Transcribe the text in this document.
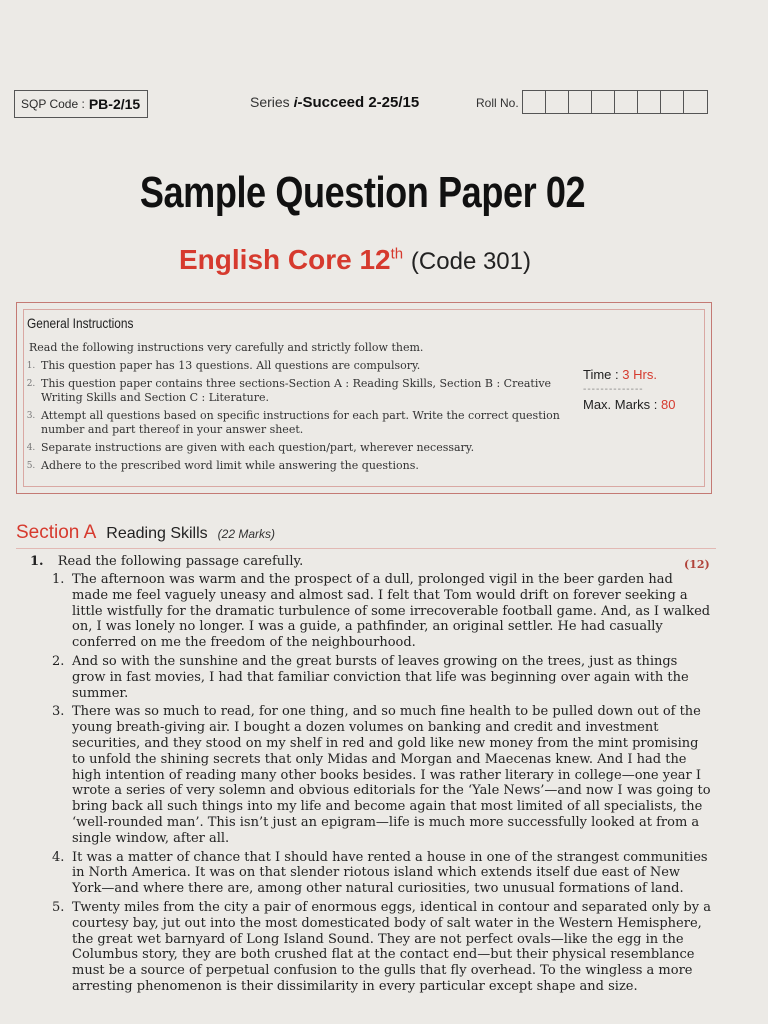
SQP Code : PB-2/15	Series i-Succeed 2-25/15	Roll No.
Sample Question Paper 02
English Core 12th (Code 301)
General Instructions
Read the following instructions very carefully and strictly follow them.
1. This question paper has 13 questions. All questions are compulsory.
2. This question paper contains three sections-Section A : Reading Skills, Section B : Creative Writing Skills and Section C : Literature.
3. Attempt all questions based on specific instructions for each part. Write the correct question number and part thereof in your answer sheet.
4. Separate instructions are given with each question/part, wherever necessary.
5. Adhere to the prescribed word limit while answering the questions.
Time : 3 Hrs.
--------------
Max. Marks : 80
Section A Reading Skills (22 Marks)
1. Read the following passage carefully.	(12)
1. The afternoon was warm and the prospect of a dull, prolonged vigil in the beer garden had made me feel vaguely uneasy and almost sad. I felt that Tom would drift on forever seeking a little wistfully for the dramatic turbulence of some irrecoverable football game. And, as I walked on, I was lonely no longer. I was a guide, a pathfinder, an original settler. He had casually conferred on me the freedom of the neighbourhood.
2. And so with the sunshine and the great bursts of leaves growing on the trees, just as things grow in fast movies, I had that familiar conviction that life was beginning over again with the summer.
3. There was so much to read, for one thing, and so much fine health to be pulled down out of the young breath-giving air. I bought a dozen volumes on banking and credit and investment securities, and they stood on my shelf in red and gold like new money from the mint promising to unfold the shining secrets that only Midas and Morgan and Maecenas knew. And I had the high intention of reading many other books besides. I was rather literary in college—one year I wrote a series of very solemn and obvious editorials for the ‘Yale News’—and now I was going to bring back all such things into my life and become again that most limited of all specialists, the ‘well-rounded man’. This isn’t just an epigram—life is much more successfully looked at from a single window, after all.
4. It was a matter of chance that I should have rented a house in one of the strangest communities in North America. It was on that slender riotous island which extends itself due east of New York—and where there are, among other natural curiosities, two unusual formations of land.
5. Twenty miles from the city a pair of enormous eggs, identical in contour and separated only by a courtesy bay, jut out into the most domesticated body of salt water in the Western Hemisphere, the great wet barnyard of Long Island Sound. They are not perfect ovals—like the egg in the Columbus story, they are both crushed flat at the contact end—but their physical resemblance must be a source of perpetual confusion to the gulls that fly overhead. To the wingless a more arresting phenomenon is their dissimilarity in every particular except shape and size.
